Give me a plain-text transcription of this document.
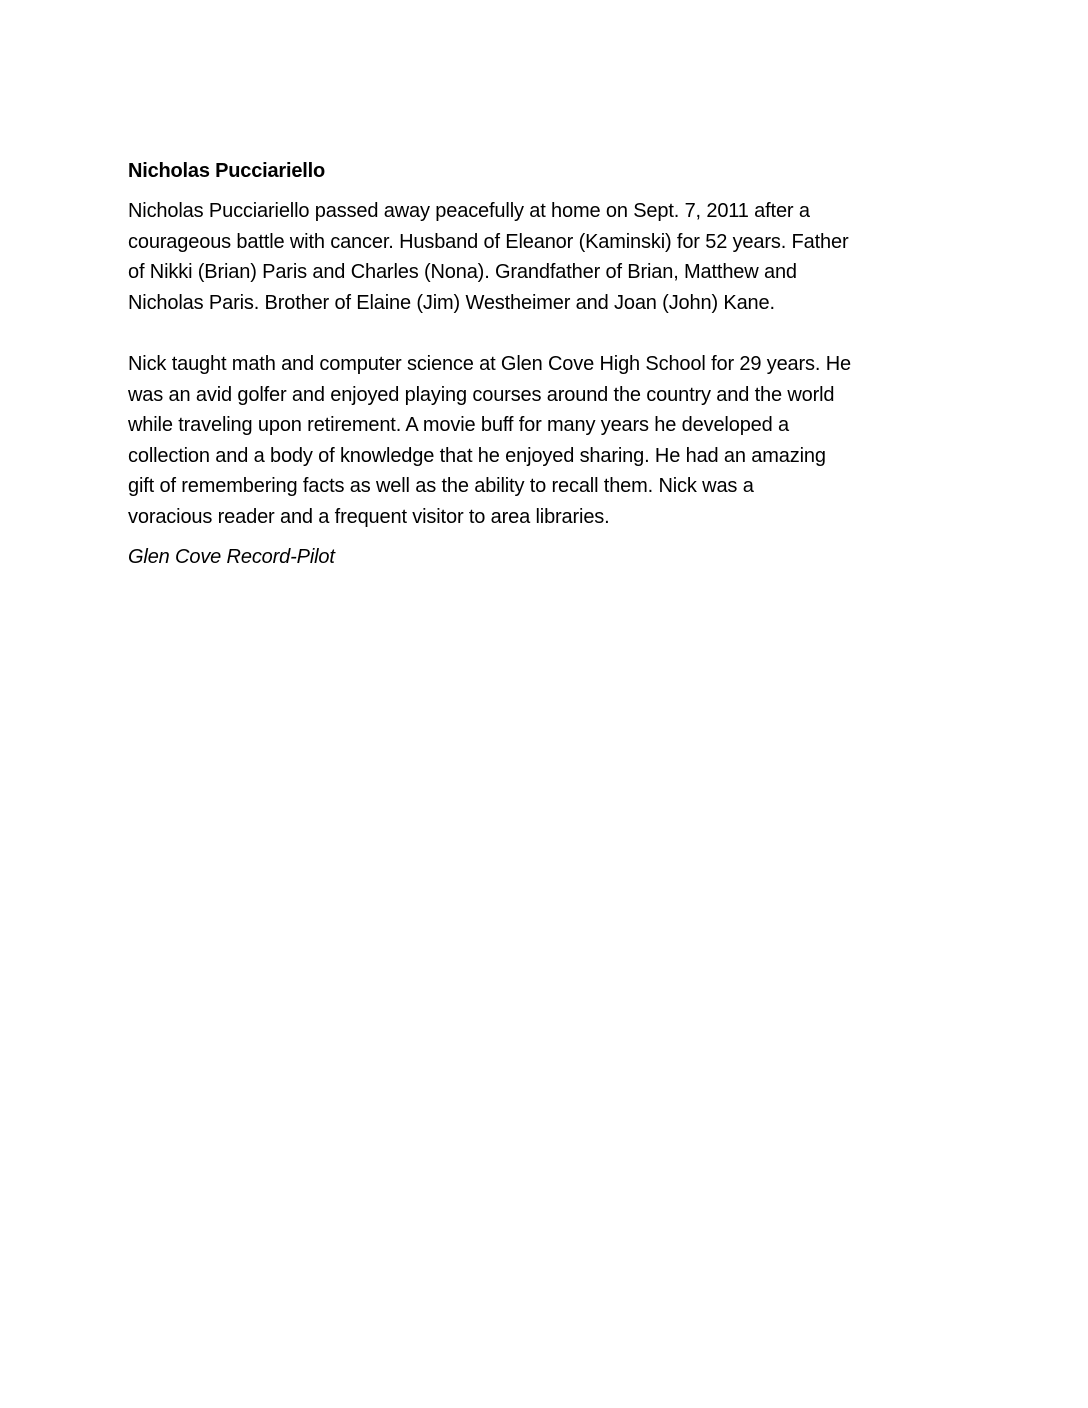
Nicholas Pucciariello

Nicholas Pucciariello passed away peacefully at home on Sept. 7, 2011 after a
courageous battle with cancer. Husband of Eleanor (Kaminski) for 52 years. Father
of Nikki (Brian) Paris and Charles (Nona). Grandfather of Brian, Matthew and
Nicholas Paris. Brother of Elaine (Jim) Westheimer and Joan (John) Kane.

Nick taught math and computer science at Glen Cove High School for 29 years. He
was an avid golfer and enjoyed playing courses around the country and the world
while traveling upon retirement. A movie buff for many years he developed a
collection and a body of knowledge that he enjoyed sharing. He had an amazing
gift of remembering facts as well as the ability to recall them. Nick was a
voracious reader and a frequent visitor to area libraries.

Glen Cove Record-Pilot
